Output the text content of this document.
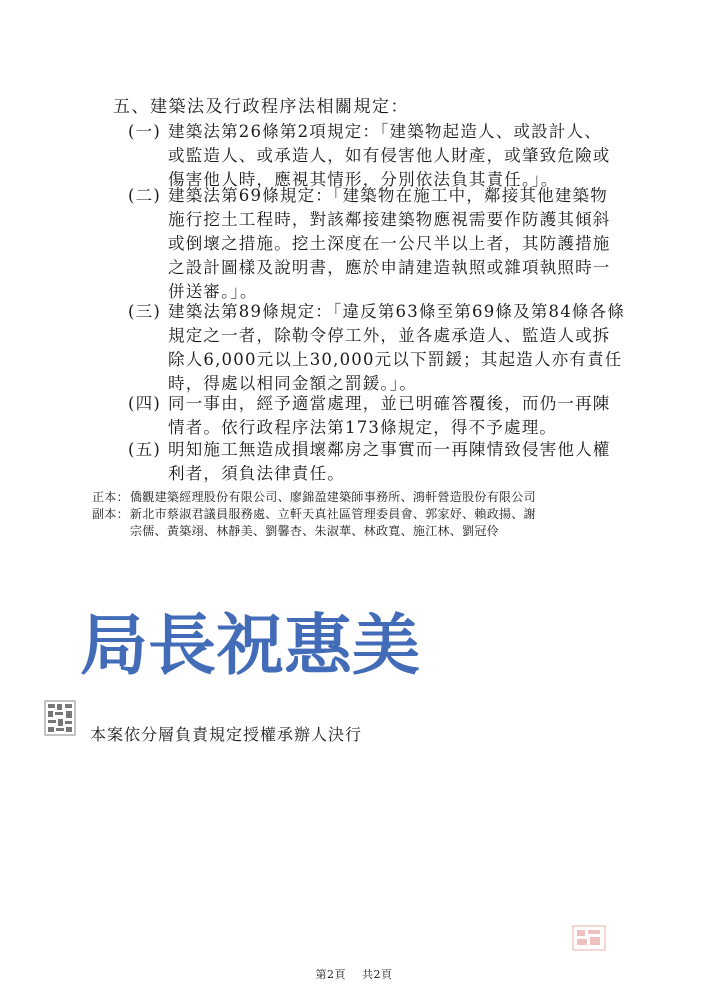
五、建築法及行政程序法相關規定：
(一) 建築法第26條第2項規定：「建築物起造人、或設計人、
或監造人、或承造人，如有侵害他人財產，或肇致危險或
傷害他人時，應視其情形，分別依法負其責任。」。
(二) 建築法第69條規定：「建築物在施工中，鄰接其他建築物
施行挖土工程時，對該鄰接建築物應視需要作防護其傾斜
或倒壞之措施。挖土深度在一公尺半以上者，其防護措施
之設計圖樣及說明書，應於申請建造執照或雜項執照時一
併送審。」。
(三) 建築法第89條規定：「違反第63條至第69條及第84條各條
規定之一者，除勒令停工外，並各處承造人、監造人或拆
除人6,000元以上30,000元以下罰鍰；其起造人亦有責任
時，得處以相同金額之罰鍰。」。
(四) 同一事由，經予適當處理，並已明確答覆後，而仍一再陳
情者。依行政程序法第173條規定，得不予處理。
(五) 明知施工無造成損壞鄰房之事實而一再陳情致侵害他人權
利者，須負法律責任。
正本： 僑觀建築經理股份有限公司、廖錦盈建築師事務所、鴻軒營造股份有限公司
副本： 新北市蔡淑君議員服務處、立軒天真社區管理委員會、郭家妤、賴政揚、謝
宗儒、黃築翊、林靜美、劉馨杏、朱淑華、林政寬、施江林、劉冠伶
局長祝惠美
本案依分層負責規定授權承辦人決行
第2頁 共2頁
